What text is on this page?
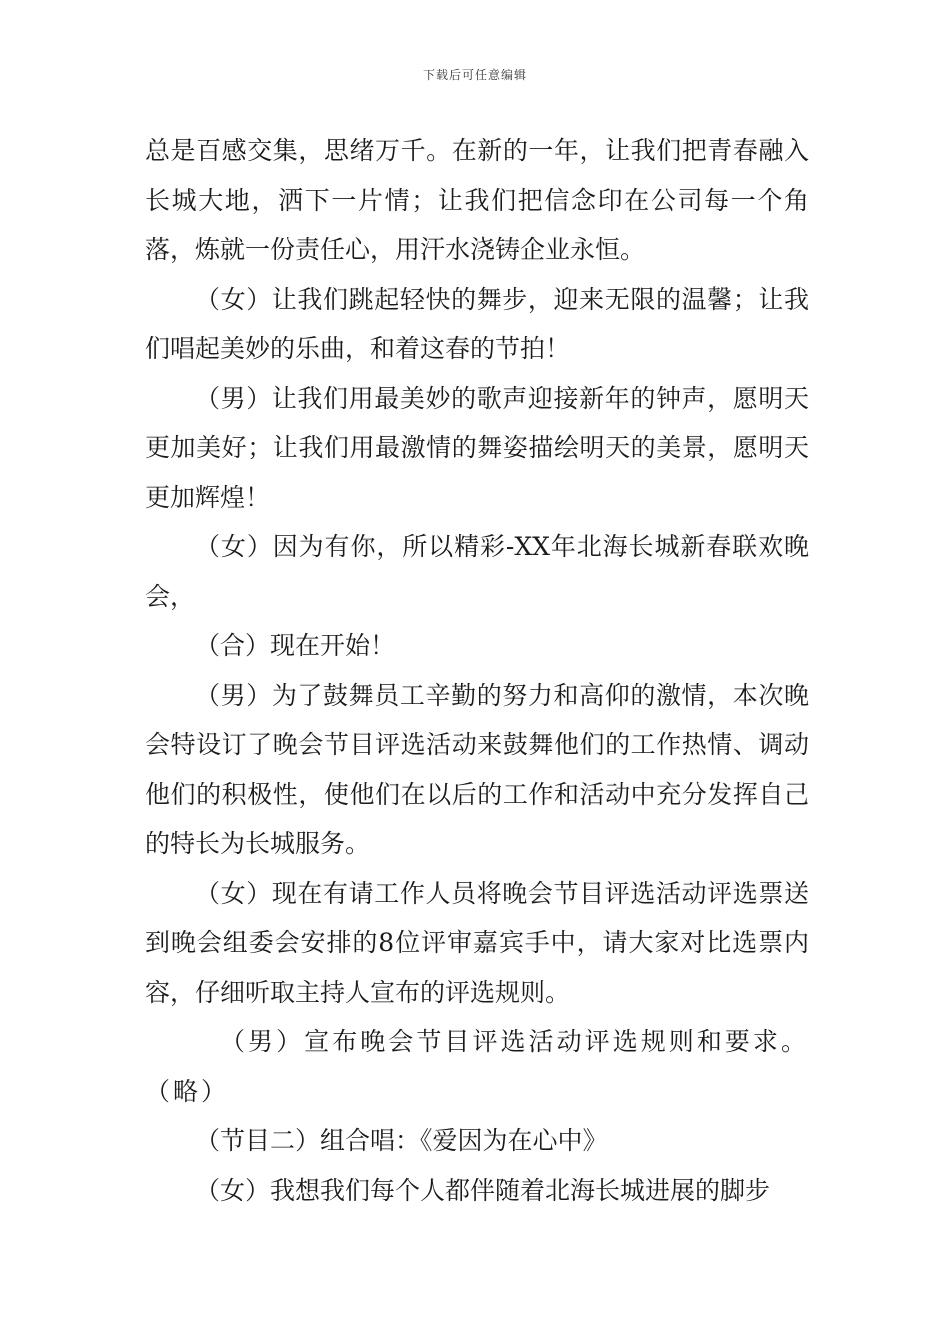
下载后可任意编辑

总是百感交集，思绪万千。在新的一年，让我们把青春融入长城大地，洒下一片情；让我们把信念印在公司每一个角落，炼就一份责任心，用汗水浇铸企业永恒。

（女）让我们跳起轻快的舞步，迎来无限的温馨；让我们唱起美妙的乐曲，和着这春的节拍！

（男）让我们用最美妙的歌声迎接新年的钟声，愿明天更加美好；让我们用最激情的舞姿描绘明天的美景，愿明天更加辉煌！

（女）因为有你，所以精彩-XX年北海长城新春联欢晚会，

（合）现在开始！

（男）为了鼓舞员工辛勤的努力和高仰的激情，本次晚会特设订了晚会节目评选活动来鼓舞他们的工作热情、调动他们的积极性，使他们在以后的工作和活动中充分发挥自己的特长为长城服务。

（女）现在有请工作人员将晚会节目评选活动评选票送到晚会组委会安排的8位评审嘉宾手中，请大家对比选票内容，仔细听取主持人宣布的评选规则。

（男）宣布晚会节目评选活动评选规则和要求。（略）

（节目二）组合唱：《爱因为在心中》

（女）我想我们每个人都伴随着北海长城进展的脚步
